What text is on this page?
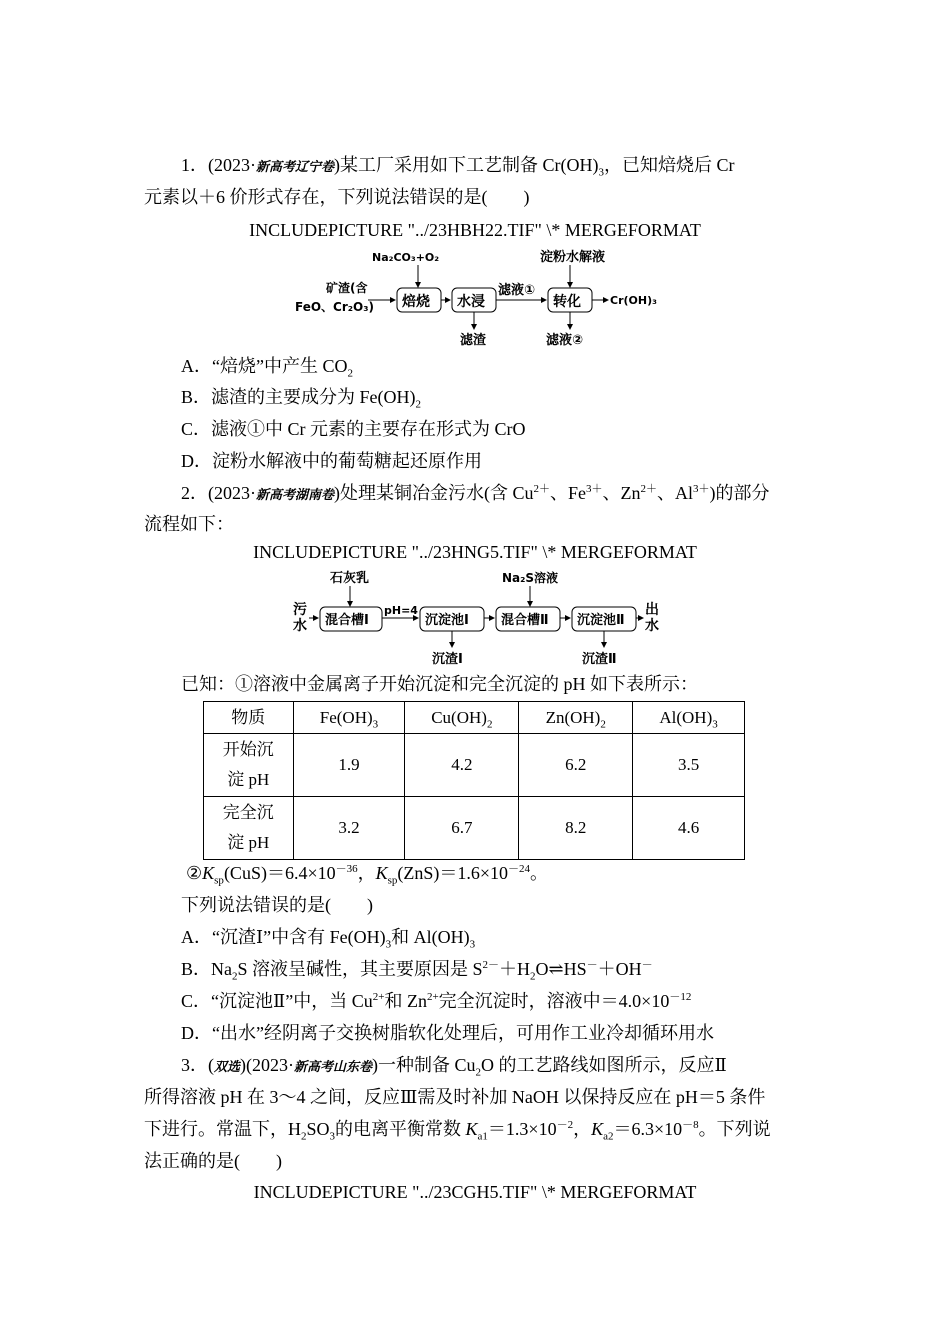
1．(2023·新高考辽宁卷)某工厂采用如下工艺制备 $Cr(OH)_3$，已知焙烧后 Cr
元素以＋6 价形式存在，下列说法错误的是(　　)
INCLUDEPICTURE "../23HBH22.TIF" \* MERGEFORMAT
Na₂CO₃+O₂	淀粉水解液
矿渣(含
FeO、Cr₂O₃) 焙烧 水浸
滤液①
转化	Cr(OH)₃
滤渣	滤液②
A．“焙烧”中产生 $CO_2$
B．滤渣的主要成分为 $Fe(OH)_2$
C．滤液①中 Cr 元素的主要存在形式为 CrO
D．淀粉水解液中的葡萄糖起还原作用
2．(2023·新高考湖南卷)处理某铜冶金污水(含 $Cu^{2+}$、$Fe^{3+}$、$Zn^{2+}$、$Al^{3+}$)的部分
流程如下：
INCLUDEPICTURE "../23HNG5.TIF" \* MERGEFORMAT
石灰乳	Na₂S溶液
污
水 混合槽Ⅰ
pH=4
沉淀池Ⅰ 混合槽Ⅱ 沉淀池Ⅱ
出
水
沉渣Ⅰ	沉渣Ⅱ
已知：①溶液中金属离子开始沉淀和完全沉淀的 pH 如下表所示：
物质	$Fe(OH)_3$	$Cu(OH)_2$	$Zn(OH)_2$	$Al(OH)_3$
开始沉
淀 pH	1.9	4.2	6.2	3.5
完全沉
淀 pH	3.2	6.7	8.2	4.6
$②K_{sp}(CuS)=6.4\times 10^{-36}$，$K_{sp}(ZnS)=1.6\times 10^{-24}$。
下列说法错误的是(　　)
A．“沉渣Ⅰ”中含有 $Fe(OH)_3$和 $Al(OH)_3$
B．$Na_2S$ 溶液呈碱性，其主要原因是 $S^{2-}+H_2O\rightleftharpoons HS^-+OH^-$
C．“沉淀池Ⅱ”中，当 $Cu^{2+}$和 $Zn^{2+}$完全沉淀时，溶液中$=4.0\times 10^{-12}$
D．“出水”经阴离子交换树脂软化处理后，可用作工业冷却循环用水
3．(双选)(2023·新高考山东卷)一种制备 $Cu_2O$ 的工艺路线如图所示，反应Ⅱ
所得溶液 pH 在 3～4 之间，反应Ⅲ需及时补加 NaOH 以保持反应在 pH＝5 条件
下进行。常温下，$H_2SO_3$的电离平衡常数 $K_{a1}=1.3\times 10^{-2}$，$K_{a2}=6.3\times 10^{-8}$。下列说
法正确的是(　　)
INCLUDEPICTURE "../23CGH5.TIF" \* MERGEFORMAT
